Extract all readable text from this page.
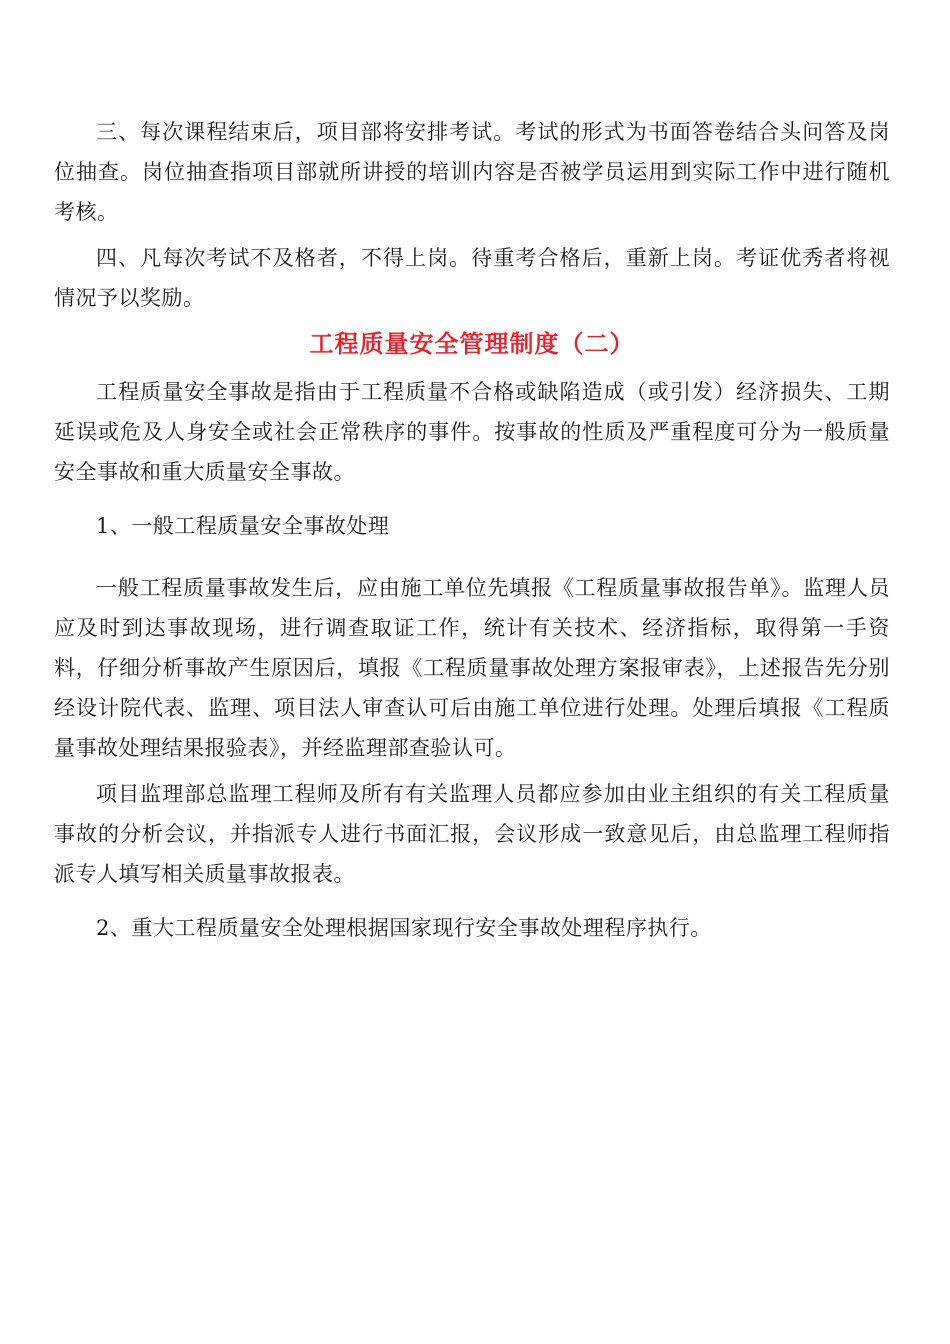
三、每次课程结束后，项目部将安排考试。考试的形式为书面答卷结合头问答及岗位抽查。岗位抽查指项目部就所讲授的培训内容是否被学员运用到实际工作中进行随机考核。

四、凡每次考试不及格者，不得上岗。待重考合格后，重新上岗。考证优秀者将视情况予以奖励。

工程质量安全管理制度（二）

工程质量安全事故是指由于工程质量不合格或缺陷造成（或引发）经济损失、工期延误或危及人身安全或社会正常秩序的事件。按事故的性质及严重程度可分为一般质量安全事故和重大质量安全事故。

1、一般工程质量安全事故处理

一般工程质量事故发生后，应由施工单位先填报《工程质量事故报告单》。监理人员应及时到达事故现场，进行调查取证工作，统计有关技术、经济指标，取得第一手资料，仔细分析事故产生原因后，填报《工程质量事故处理方案报审表》，上述报告先分别经设计院代表、监理、项目法人审查认可后由施工单位进行处理。处理后填报《工程质量事故处理结果报验表》，并经监理部查验认可。

项目监理部总监理工程师及所有有关监理人员都应参加由业主组织的有关工程质量事故的分析会议，并指派专人进行书面汇报，会议形成一致意见后，由总监理工程师指派专人填写相关质量事故报表。

2、重大工程质量安全处理根据国家现行安全事故处理程序执行。
